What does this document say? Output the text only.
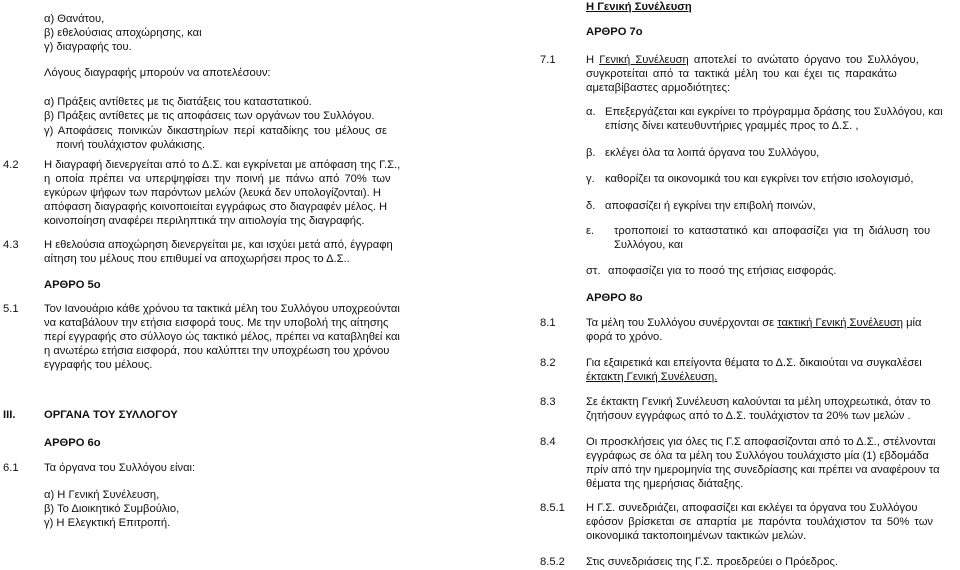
α) Θανάτου,
β) εθελούσιας αποχώρησης, και
γ) διαγραφής του.
Λόγους διαγραφής μπορούν να αποτελέσουν:
α) Πράξεις αντίθετες με τις διατάξεις του καταστατικού.
β) Πράξεις αντίθετες με τις αποφάσεις των οργάνων του Συλλόγου.
γ) Αποφάσεις ποινικών δικαστηρίων περί καταδίκης του μέλους σε
ποινή τουλάχιστον φυλάκισης.
4.2 Η διαγραφή διενεργείται από το Δ.Σ. και εγκρίνεται με απόφαση της Γ.Σ.,
η οποία πρέπει να υπερψηφίσει την ποινή με πάνω από 70% των
εγκύρων ψήφων των παρόντων μελών (λευκά δεν υπολογίζονται). Η
απόφαση διαγραφής κοινοποιείται εγγράφως στο διαγραφέν μέλος. Η
κοινοποίηση αναφέρει περιληπτικά την αιτιολογία της διαγραφής.
4.3 Η εθελούσια αποχώρηση διενεργείται με, και ισχύει μετά από, έγγραφη
αίτηση του μέλους που επιθυμεί να αποχωρήσει προς το Δ.Σ..
ΑΡΘΡΟ 5ο
5.1 Τον Ιανουάριο κάθε χρόνου τα τακτικά μέλη του Συλλόγου υποχρεούνται
να καταβάλουν την ετήσια εισφορά τους. Με την υποβολή της αίτησης
περί εγγραφής στο σύλλογο ώς τακτικό μέλος, πρέπει να καταβληθεί και
η ανωτέρω ετήσια εισφορά, που καλύπτει την υποχρέωση του χρόνου
εγγραφής του μέλους.
III.	ΟΡΓΑΝΑ ΤΟΥ ΣΥΛΛΟΓΟΥ
ΑΡΘΡΟ 6ο
6.1 Τα όργανα του Συλλόγου είναι:
α) Η Γενική Συνέλευση,
β) Το Διοικητικό Συμβούλιο,
γ) Η Ελεγκτική Επιτροπή.
Η Γενική Συνέλευση
ΑΡΘΡΟ 7ο
7.1	Η Γενική Συνέλευση αποτελεί το ανώτατο όργανο του Συλλόγου,
συγκροτείται από τα τακτικά μέλη του και έχει τις παρακάτω
αμεταβίβαστες αρμοδιότητες:
α. Επεξεργάζεται και εγκρίνει το πρόγραμμα δράσης του Συλλόγου, και
επίσης δίνει κατευθυντήριες γραμμές προς το Δ.Σ. ,
β. εκλέγει όλα τα λοιπά όργανα του Συλλόγου,
γ. καθορίζει τα οικονομικά του και εγκρίνει τον ετήσιο ισολογισμό,
δ. αποφασίζει ή εγκρίνει την επιβολή ποινών,
ε. τροποποιεί το καταστατικό και αποφασίζει για τη διάλυση του
Συλλόγου, και
στ. αποφασίζει για το ποσό της ετήσιας εισφοράς.
ΑΡΘΡΟ 8ο
8.1	Τα μέλη του Συλλόγου συνέρχονται σε τακτική Γενική Συνέλευση μία
φορά το χρόνο.
8.2	Για εξαιρετικά και επείγοντα θέματα το Δ.Σ. δικαιούται να συγκαλέσει
έκτακτη Γενική Συνέλευση.
8.3	Σε έκτακτη Γενική Συνέλευση καλούνται τα μέλη υποχρεωτικά, όταν το
ζητήσουν εγγράφως από το Δ.Σ. τουλάχιστον τα 20% των μελών .
8.4	Οι προσκλήσεις για όλες τις Γ.Σ αποφασίζονται από το Δ.Σ., στέλνονται
εγγράφως σε όλα τα μέλη του Συλλόγου τουλάχιστο μία (1) εβδομάδα
πρίν από την ημερομηνία της συνεδρίασης και πρέπει να αναφέρουν τα
θέματα της ημερήσιας διάταξης.
8.5.1 Η Γ.Σ. συνεδριάζει, αποφασίζει και εκλέγει τα όργανα του Συλλόγου
εφόσον βρίσκεται σε απαρτία με παρόντα τουλάχιστον τα 50% των
οικονομικά τακτοποιημένων τακτικών μελών.
8.5.2 Στις συνεδριάσεις της Γ.Σ. προεδρεύει ο Πρόεδρος.
